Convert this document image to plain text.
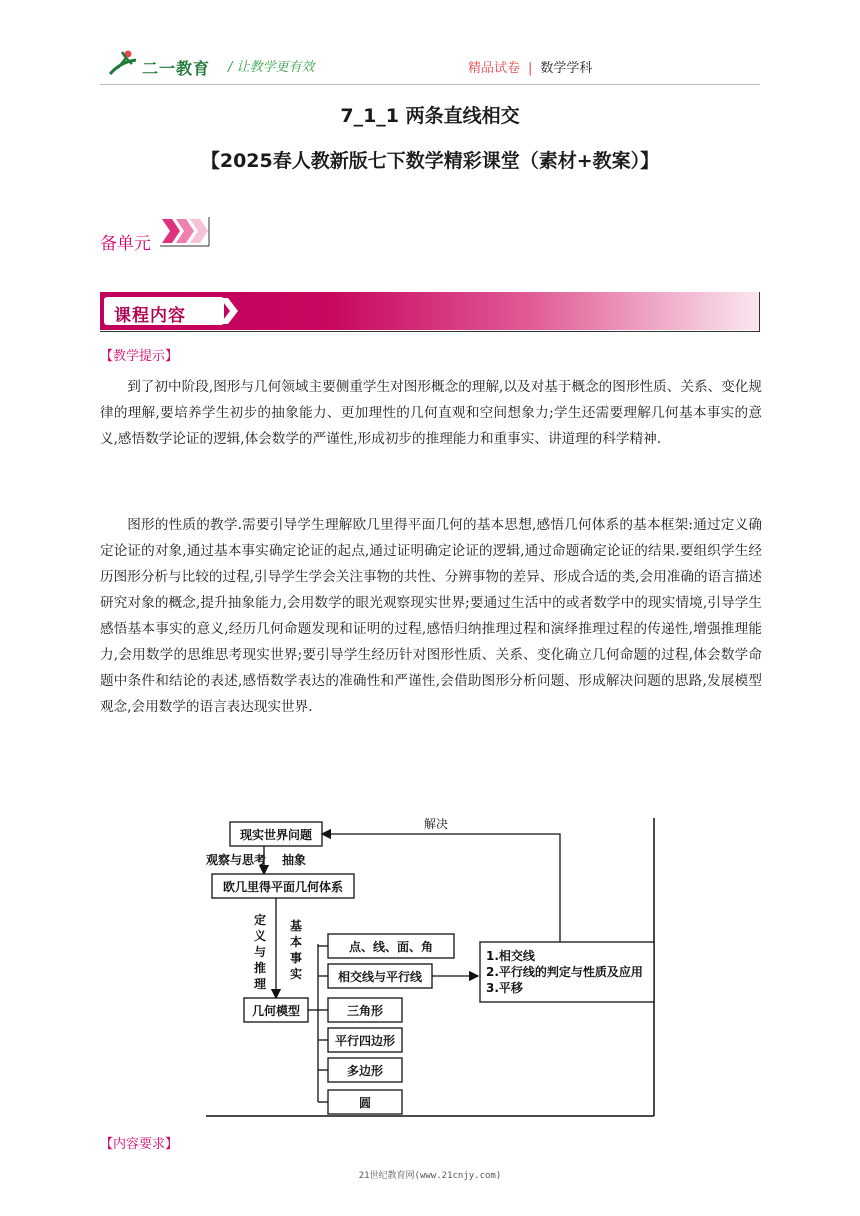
二一教育 / 让教学更有效	精品试卷 | 数学学科
7_1_1 两条直线相交
【2025春人教新版七下数学精彩课堂（素材+教案）】
备单元
课程内容
【教学提示】
到了初中阶段,图形与几何领域主要侧重学生对图形概念的理解,以及对基于概念的图形性质、关系、变化规律的理解,要培养学生初步的抽象能力、更加理性的几何直观和空间想象力;学生还需要理解几何基本事实的意义,感悟数学论证的逻辑,体会数学的严谨性,形成初步的推理能力和重事实、讲道理的科学精神.
图形的性质的教学.需要引导学生理解欧几里得平面几何的基本思想,感悟几何体系的基本框架:通过定义确定论证的对象,通过基本事实确定论证的起点,通过证明确定论证的逻辑,通过命题确定论证的结果.要组织学生经历图形分析与比较的过程,引导学生学会关注事物的共性、分辨事物的差异、形成合适的类,会用准确的语言描述研究对象的概念,提升抽象能力,会用数学的眼光观察现实世界;要通过生活中的或者数学中的现实情境,引导学生感悟基本事实的意义,经历几何命题发现和证明的过程,感悟归纳推理过程和演绎推理过程的传递性,增强推理能力,会用数学的思维思考现实世界;要引导学生经历针对图形性质、关系、变化确立几何命题的过程,体会数学命题中条件和结论的表述,感悟数学表达的准确性和严谨性,会借助图形分析问题、形成解决问题的思路,发展模型观念,会用数学的语言表达现实世界.
现实世界问题
解决
观察与思考 抽象
欧几里得平面几何体系
定
义
与
推
理
基
本
事
实
几何模型
点、线、面、角
相交线与平行线
三角形
平行四边形
多边形
圆
1.相交线
2.平行线的判定与性质及应用
3.平移
【内容要求】
21世纪教育网(www.21cnjy.com)
